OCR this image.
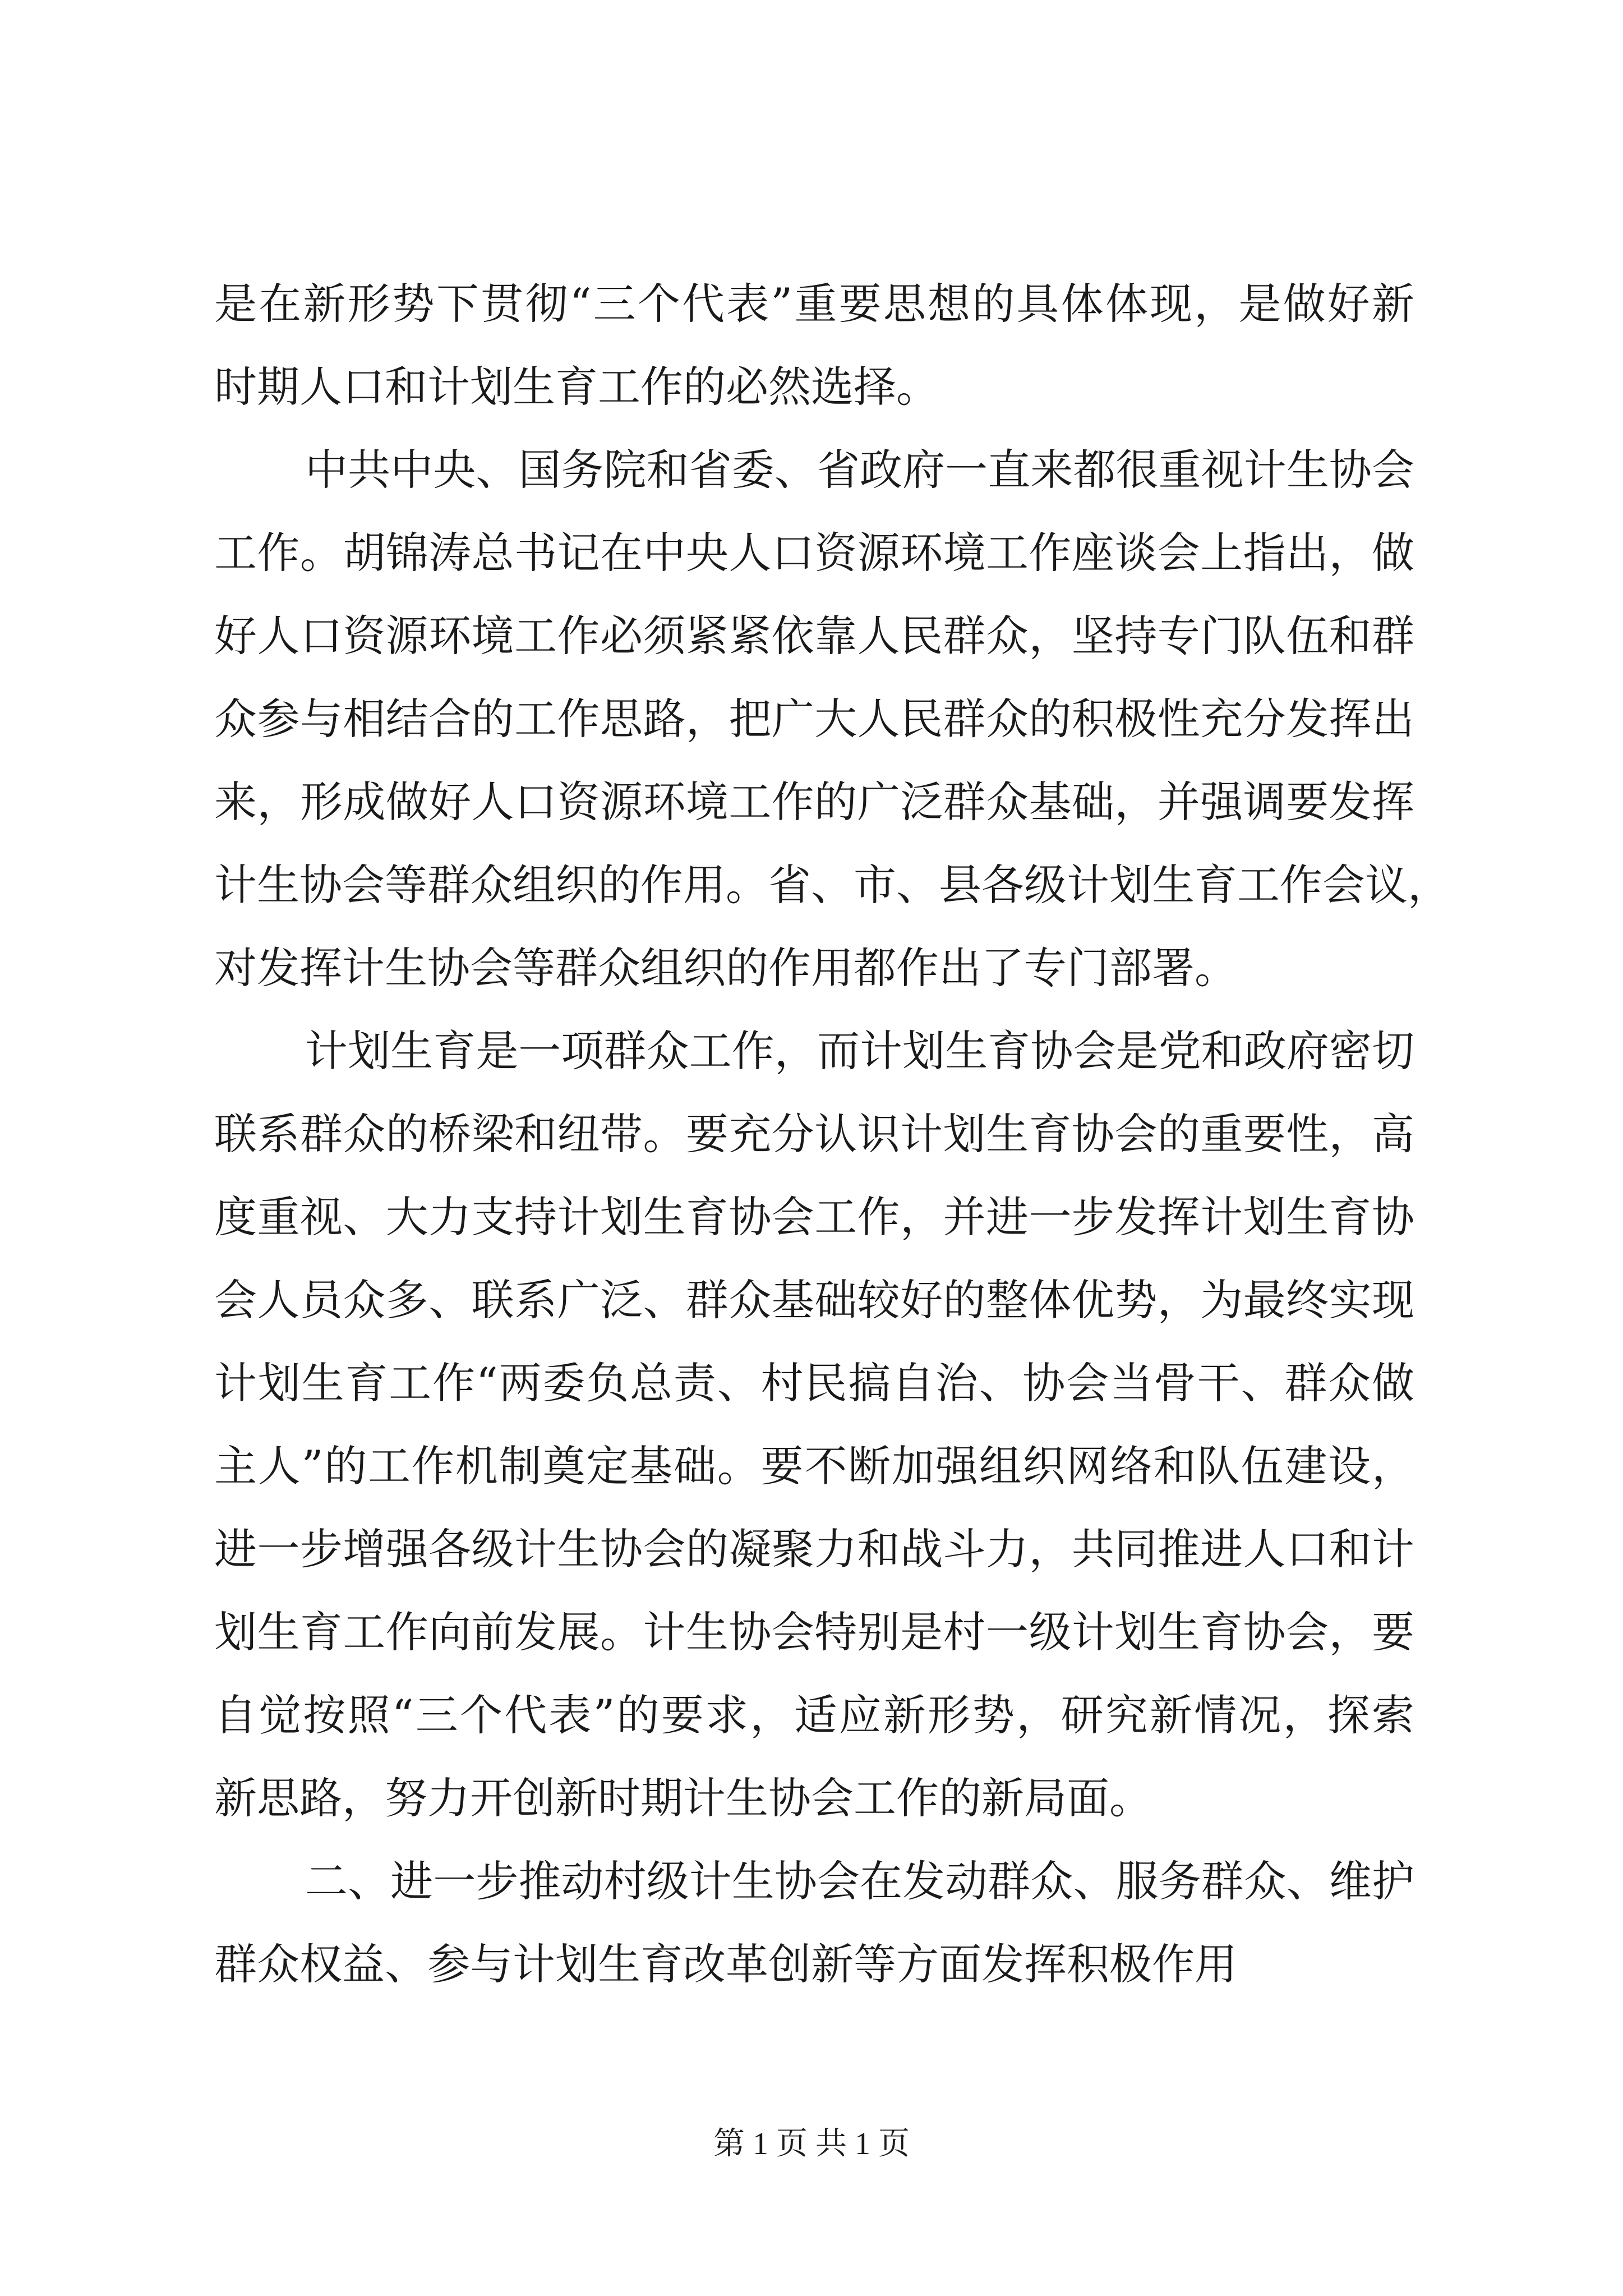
是在新形势下贯彻“三个代表”重要思想的具体体现，是做好新
时期人口和计划生育工作的必然选择。
中共中央、国务院和省委、省政府一直来都很重视计生协会
工作。胡锦涛总书记在中央人口资源环境工作座谈会上指出，做
好人口资源环境工作必须紧紧依靠人民群众，坚持专门队伍和群
众参与相结合的工作思路，把广大人民群众的积极性充分发挥出
来，形成做好人口资源环境工作的广泛群众基础，并强调要发挥
计生协会等群众组织的作用。省、市、县各级计划生育工作会议，
对发挥计生协会等群众组织的作用都作出了专门部署。
计划生育是一项群众工作，而计划生育协会是党和政府密切
联系群众的桥梁和纽带。要充分认识计划生育协会的重要性，高
度重视、大力支持计划生育协会工作，并进一步发挥计划生育协
会人员众多、联系广泛、群众基础较好的整体优势，为最终实现
计划生育工作“两委负总责、村民搞自治、协会当骨干、群众做
主人”的工作机制奠定基础。要不断加强组织网络和队伍建设，
进一步增强各级计生协会的凝聚力和战斗力，共同推进人口和计
划生育工作向前发展。计生协会特别是村一级计划生育协会，要
自觉按照“三个代表”的要求，适应新形势，研究新情况，探索
新思路，努力开创新时期计生协会工作的新局面。
二、进一步推动村级计生协会在发动群众、服务群众、维护
群众权益、参与计划生育改革创新等方面发挥积极作用
第 1 页 共 1 页
